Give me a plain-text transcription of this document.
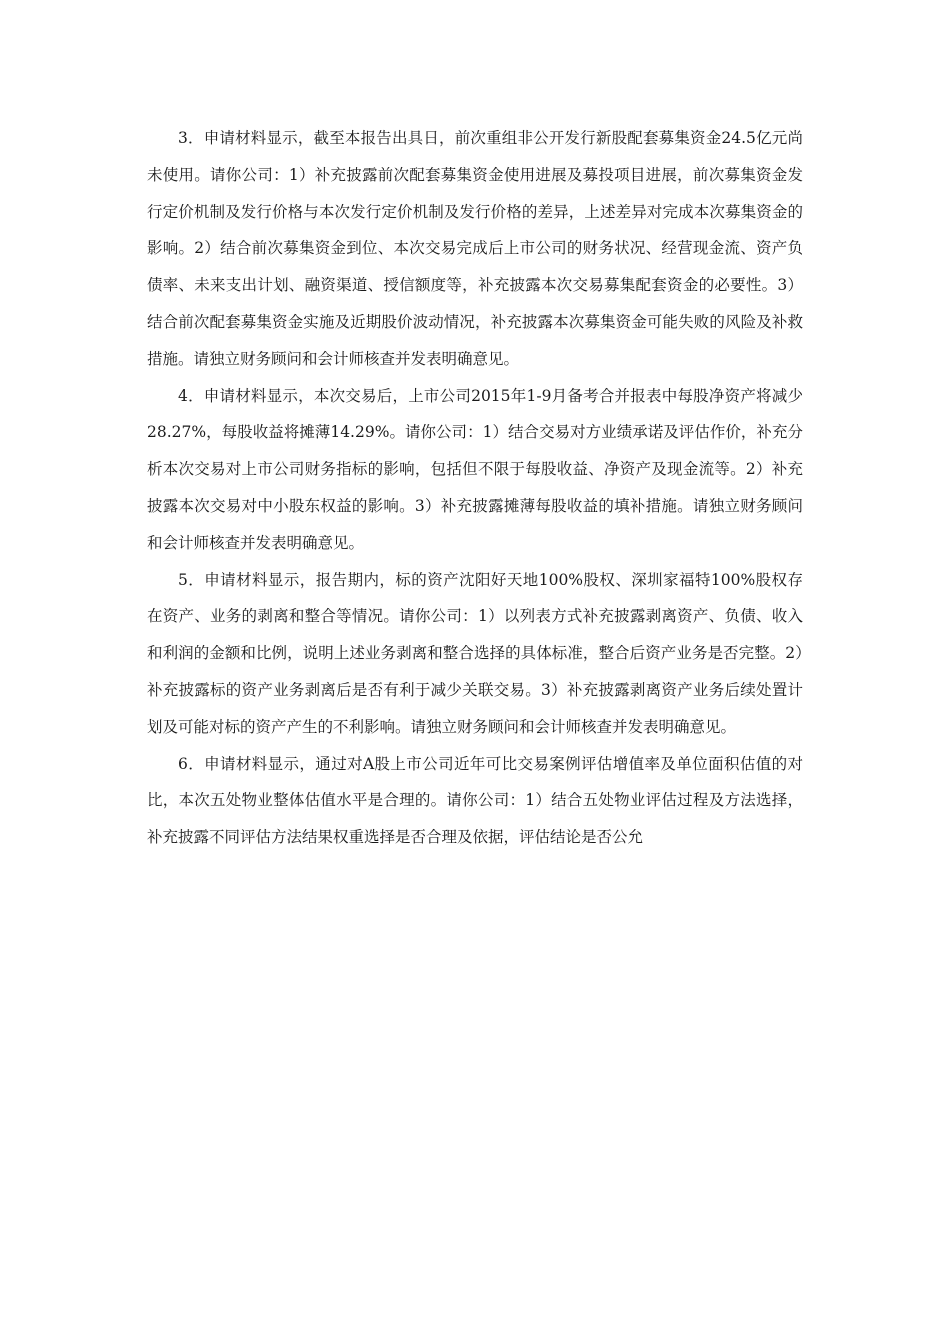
3．申请材料显示，截至本报告出具日，前次重组非公开发行新股配套募集资金24.5亿元尚未使用。请你公司：1）补充披露前次配套募集资金使用进展及募投项目进展，前次募集资金发行定价机制及发行价格与本次发行定价机制及发行价格的差异，上述差异对完成本次募集资金的影响。2）结合前次募集资金到位、本次交易完成后上市公司的财务状况、经营现金流、资产负债率、未来支出计划、融资渠道、授信额度等，补充披露本次交易募集配套资金的必要性。3）结合前次配套募集资金实施及近期股价波动情况，补充披露本次募集资金可能失败的风险及补救措施。请独立财务顾问和会计师核查并发表明确意见。

4．申请材料显示，本次交易后，上市公司2015年1-9月备考合并报表中每股净资产将减少28.27%，每股收益将摊薄14.29%。请你公司：1）结合交易对方业绩承诺及评估作价，补充分析本次交易对上市公司财务指标的影响，包括但不限于每股收益、净资产及现金流等。2）补充披露本次交易对中小股东权益的影响。3）补充披露摊薄每股收益的填补措施。请独立财务顾问和会计师核查并发表明确意见。

5．申请材料显示，报告期内，标的资产沈阳好天地100%股权、深圳家福特100%股权存在资产、业务的剥离和整合等情况。请你公司：1）以列表方式补充披露剥离资产、负债、收入和利润的金额和比例，说明上述业务剥离和整合选择的具体标准，整合后资产业务是否完整。2）补充披露标的资产业务剥离后是否有利于减少关联交易。3）补充披露剥离资产业务后续处置计划及可能对标的资产产生的不利影响。请独立财务顾问和会计师核查并发表明确意见。

6．申请材料显示，通过对A股上市公司近年可比交易案例评估增值率及单位面积估值的对比，本次五处物业整体估值水平是合理的。请你公司：1）结合五处物业评估过程及方法选择，补充披露不同评估方法结果权重选择是否合理及依据，评估结论是否公允
